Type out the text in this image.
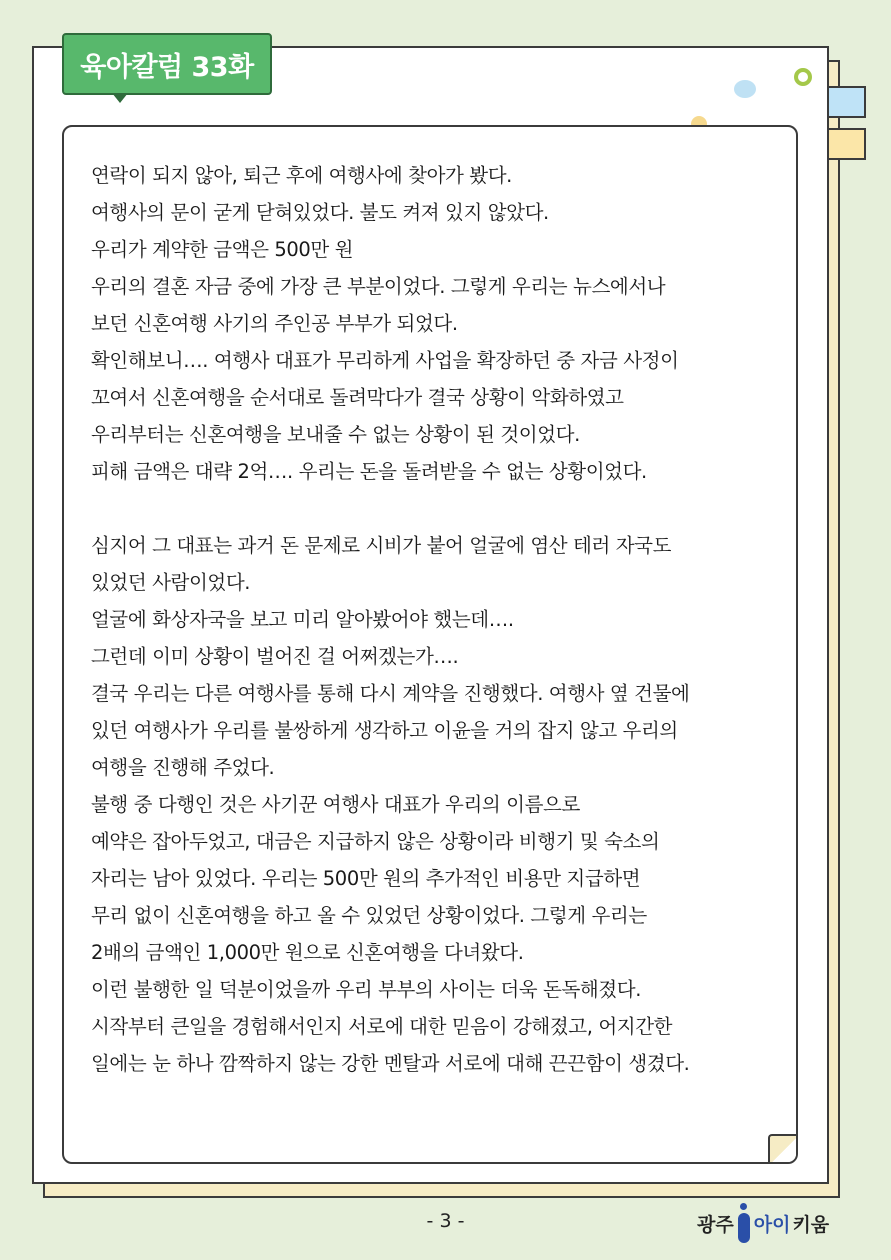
육아칼럼 33화
연락이 되지 않아, 퇴근 후에 여행사에 찾아가 봤다.
여행사의 문이 굳게 닫혀있었다. 불도 켜져 있지 않았다.
우리가 계약한 금액은 500만 원
우리의 결혼 자금 중에 가장 큰 부분이었다. 그렇게 우리는 뉴스에서나
보던 신혼여행 사기의 주인공 부부가 되었다.
확인해보니…. 여행사 대표가 무리하게 사업을 확장하던 중 자금 사정이
꼬여서 신혼여행을 순서대로 돌려막다가 결국 상황이 악화하였고
우리부터는 신혼여행을 보내줄 수 없는 상황이 된 것이었다.
피해 금액은 대략 2억…. 우리는 돈을 돌려받을 수 없는 상황이었다.
심지어 그 대표는 과거 돈 문제로 시비가 붙어 얼굴에 염산 테러 자국도
있었던 사람이었다.
얼굴에 화상자국을 보고 미리 알아봤어야 했는데….
그런데 이미 상황이 벌어진 걸 어쩌겠는가….
결국 우리는 다른 여행사를 통해 다시 계약을 진행했다. 여행사 옆 건물에
있던 여행사가 우리를 불쌍하게 생각하고 이윤을 거의 잡지 않고 우리의
여행을 진행해 주었다.
불행 중 다행인 것은 사기꾼 여행사 대표가 우리의 이름으로
예약은 잡아두었고, 대금은 지급하지 않은 상황이라 비행기 및 숙소의
자리는 남아 있었다. 우리는 500만 원의 추가적인 비용만 지급하면
무리 없이 신혼여행을 하고 올 수 있었던 상황이었다. 그렇게 우리는
2배의 금액인 1,000만 원으로 신혼여행을 다녀왔다.
이런 불행한 일 덕분이었을까 우리 부부의 사이는 더욱 돈독해졌다.
시작부터 큰일을 경험해서인지 서로에 대한 믿음이 강해졌고, 어지간한
일에는 눈 하나 깜짝하지 않는 강한 멘탈과 서로에 대해 끈끈함이 생겼다.
- 3 -	광주 아이 키움
